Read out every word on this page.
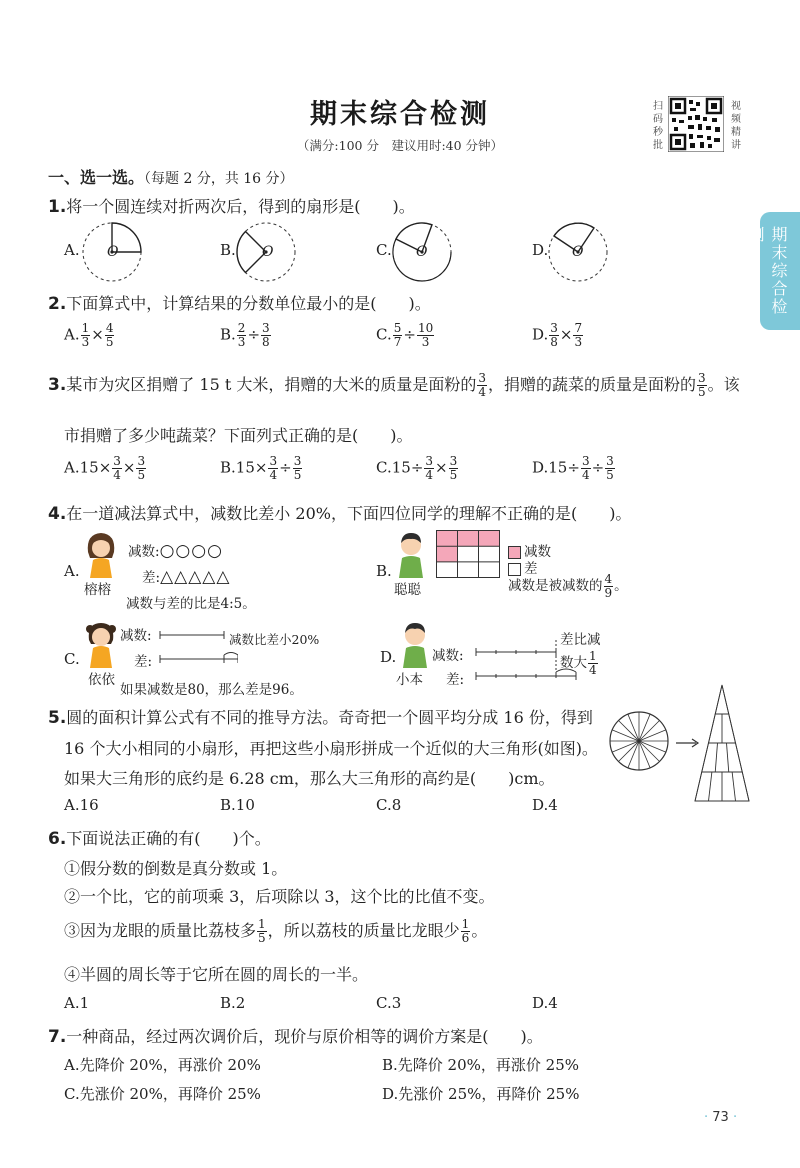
期末综合检测
（满分:100 分　建议用时:40 分钟）
扫码秒批
视频精讲
期末综合检测
一、选一选。（每题 2 分，共 16 分）
1.将一个圆连续对折两次后，得到的扇形是(　　)。
A. O	B. O	C. O	D. O
2.下面算式中，计算结果的分数单位最小的是(　　)。
A. $\frac{1}{3} \times \frac{4}{5}$	B. $\frac{2}{3} \div \frac{3}{8}$	C. $\frac{5}{7} \div \frac{10}{3}$	D. $\frac{3}{8} \times \frac{7}{3}$
3.某市为灾区捐赠了 15 t 大米，捐赠的大米的质量是面粉的 $\frac{3}{4}$ ，捐赠的蔬菜的质量是面粉的 $\frac{3}{5}$ 。该
市捐赠了多少吨蔬菜？下面列式正确的是(　　)。
$A.15\times \frac{3}{4} \times \frac{3}{5}$	$B.15\times \frac{3}{4} \div \frac{3}{5}$	$C.15\div \frac{3}{4} \times \frac{3}{5}$	$D.15\div \frac{3}{4} \div \frac{3}{5}$
4.在一道减法算式中，减数比差小 20%，下面四位同学的理解不正确的是(　　)。
A.
榕榕
减数:○○○○
差:△△△△△
减数与差的比是4:5。
B.
聪聪
减数
差
减数是被减数的 $\frac{4}{9}$ 。
C.
依依
减数:	减数比差小20%
差:
如果减数是80，那么差是96。
D.
小本
减数:
差:
差比减
数大 $\frac{1}{4}$
5.圆的面积计算公式有不同的推导方法。奇奇把一个圆平均分成 16 份，得到
16 个大小相同的小扇形，再把这些小扇形拼成一个近似的大三角形(如图)。
如果大三角形的底约是 6.28 cm，那么大三角形的高约是(　　)cm。
A.16	B.10	C.8	D.4
6.下面说法正确的有(　　)个。
①假分数的倒数是真分数或 1。
②一个比，它的前项乘 3，后项除以 3，这个比的比值不变。
③因为龙眼的质量比荔枝多 $\frac{1}{5}$ ，所以荔枝的质量比龙眼少 $\frac{1}{6}$ 。
④半圆的周长等于它所在圆的周长的一半。
A.1	B.2	C.3	D.4
7.一种商品，经过两次调价后，现价与原价相等的调价方案是(　　)。
A.先降价 20%，再涨价 20%	B.先降价 20%，再涨价 25%
C.先涨价 20%，再降价 25%	D.先涨价 25%，再降价 25%
· 73 ·
